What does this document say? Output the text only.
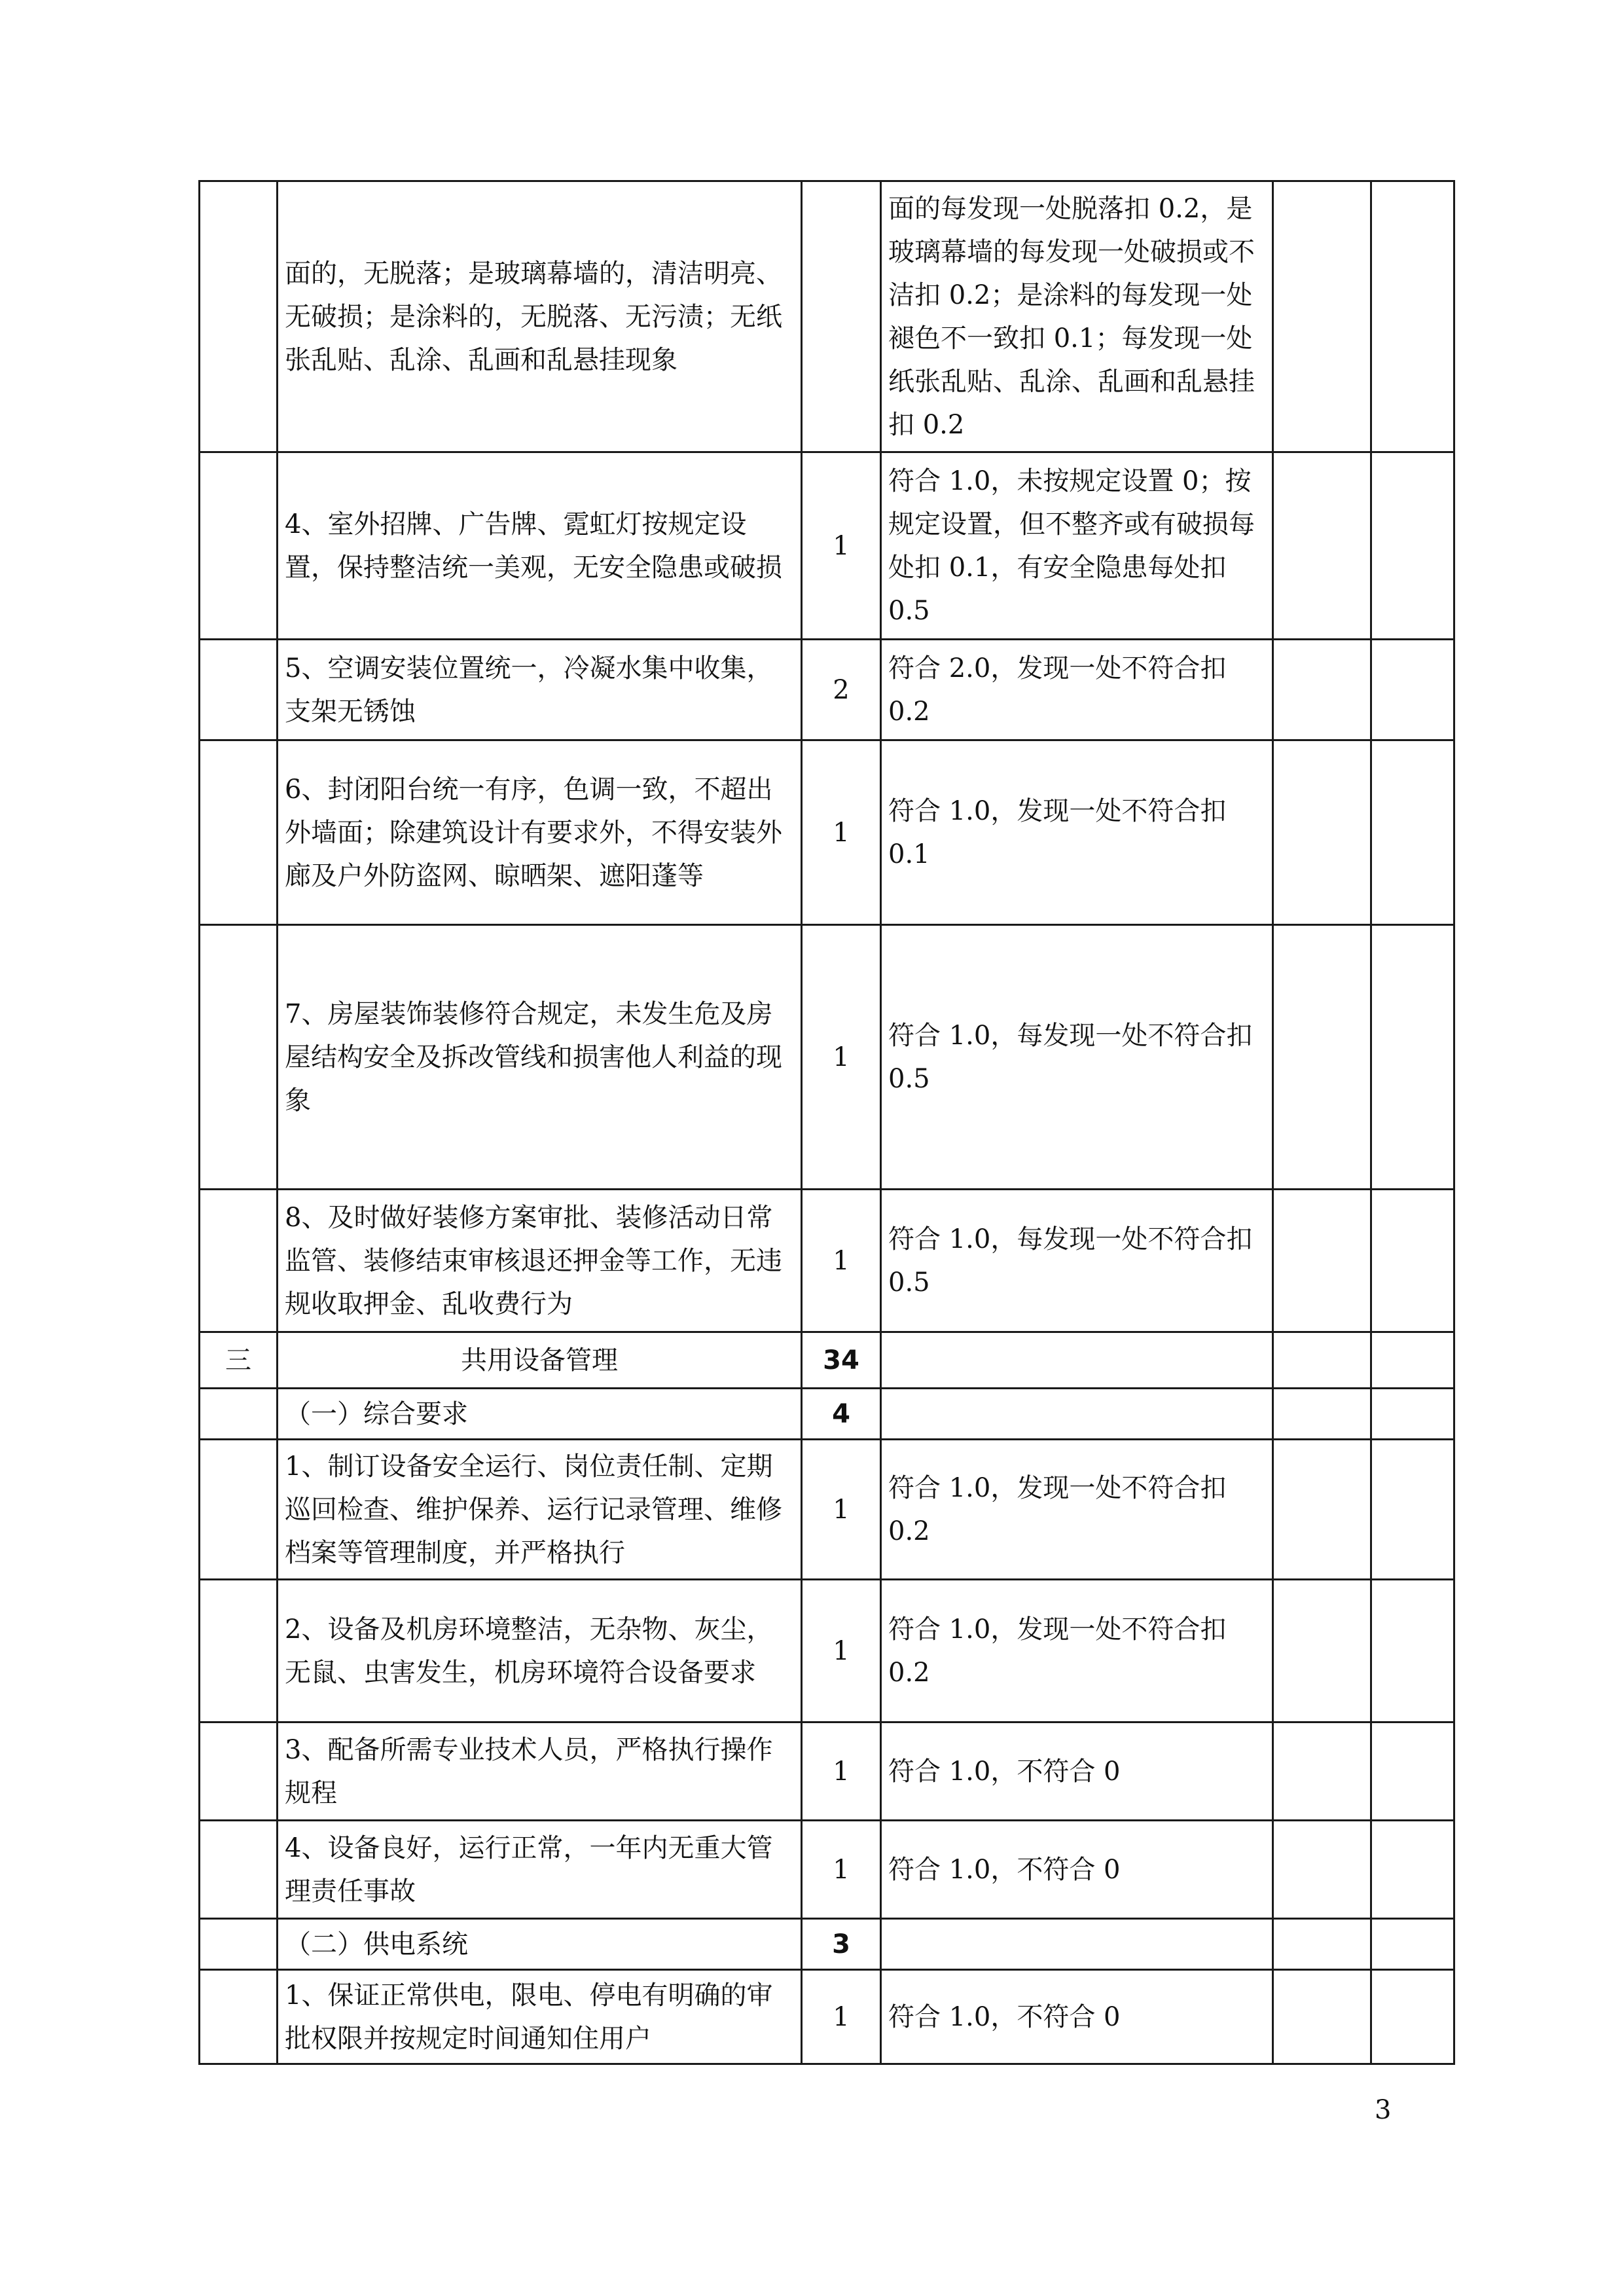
	面的，无脱落；是玻璃幕墙的，清洁明亮、无破损；是涂料的，无脱落、无污渍；无纸张乱贴、乱涂、乱画和乱悬挂现象		面的每发现一处脱落扣 0.2，是玻璃幕墙的每发现一处破损或不洁扣 0.2；是涂料的每发现一处褪色不一致扣 0.1；每发现一处纸张乱贴、乱涂、乱画和乱悬挂扣 0.2		
	4、室外招牌、广告牌、霓虹灯按规定设置，保持整洁统一美观，无安全隐患或破损	1	符合 1.0，未按规定设置 0；按规定设置，但不整齐或有破损每处扣 0.1，有安全隐患每处扣 0.5		
	5、空调安装位置统一，冷凝水集中收集，支架无锈蚀	2	符合 2.0，发现一处不符合扣 0.2		
	6、封闭阳台统一有序，色调一致，不超出外墙面；除建筑设计有要求外，不得安装外廊及户外防盗网、晾晒架、遮阳蓬等	1	符合 1.0，发现一处不符合扣 0.1		
	7、房屋装饰装修符合规定，未发生危及房屋结构安全及拆改管线和损害他人利益的现象	1	符合 1.0，每发现一处不符合扣 0.5		
	8、及时做好装修方案审批、装修活动日常监管、装修结束审核退还押金等工作，无违规收取押金、乱收费行为	1	符合 1.0，每发现一处不符合扣 0.5		
三	共用设备管理	34			
	（一）综合要求	4			
	1、制订设备安全运行、岗位责任制、定期巡回检查、维护保养、运行记录管理、维修档案等管理制度，并严格执行	1	符合 1.0，发现一处不符合扣 0.2		
	2、设备及机房环境整洁，无杂物、灰尘，无鼠、虫害发生，机房环境符合设备要求	1	符合 1.0，发现一处不符合扣 0.2		
	3、配备所需专业技术人员，严格执行操作规程	1	符合 1.0，不符合 0		
	4、设备良好，运行正常，一年内无重大管理责任事故	1	符合 1.0，不符合 0		
	（二）供电系统	3			
	1、保证正常供电，限电、停电有明确的审批权限并按规定时间通知住用户	1	符合 1.0，不符合 0		
3
